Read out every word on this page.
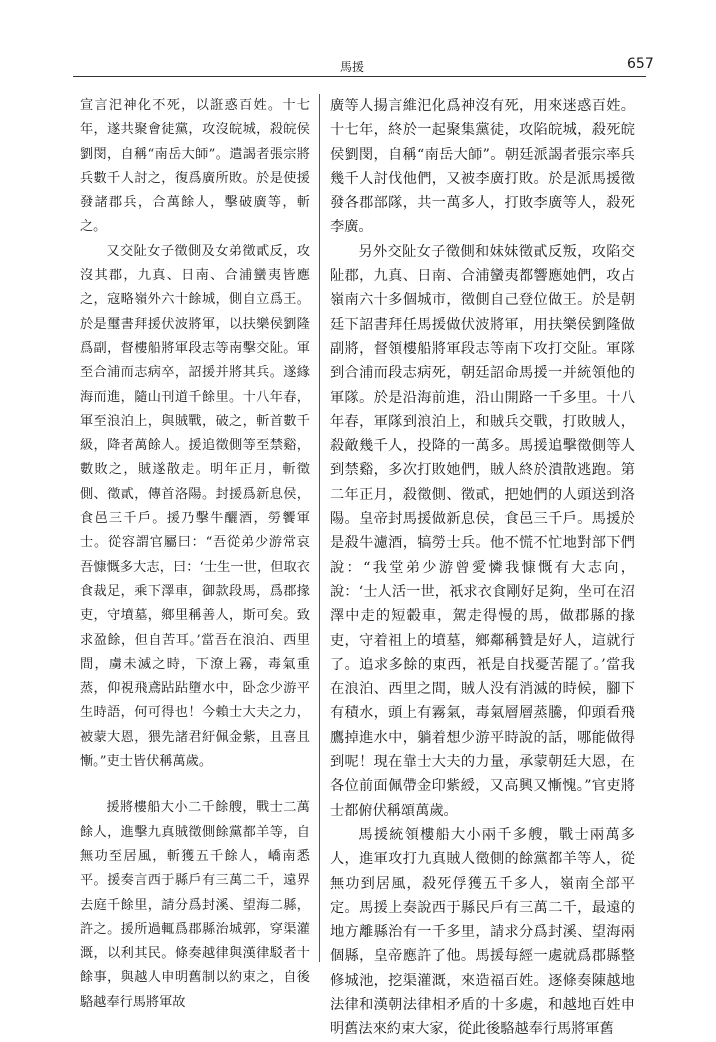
馬援	657

宣言汜神化不死，以誑惑百姓。十七年，遂共聚會徒黨，攻沒皖城，殺皖侯劉閔，自稱“南岳大師”。遣謁者張宗將兵數千人討之，復爲廣所敗。於是使援發諸郡兵，合萬餘人，擊破廣等，斬之。

又交阯女子徵側及女弟徵貳反，攻沒其郡，九真、日南、合浦蠻夷皆應之，寇略嶺外六十餘城，側自立爲王。於是璽書拜援伏波將軍，以扶樂侯劉隆爲副，督樓船將軍段志等南擊交阯。軍至合浦而志病卒，詔援并將其兵。遂緣海而進，隨山刊道千餘里。十八年春，軍至浪泊上，與賊戰，破之，斬首數千級，降者萬餘人。援追徵側等至禁谿，數敗之，賊遂散走。明年正月，斬徵側、徵貳，傳首洛陽。封援爲新息侯，食邑三千戶。援乃擊牛釃酒，勞饗軍士。從容謂官屬曰：“吾從弟少游常哀吾慷慨多大志，曰：‘士生一世，但取衣食裁足，乘下澤車，御款段馬，爲郡掾吏，守墳墓，鄉里稱善人，斯可矣。致求盈餘，但自苦耳。’當吾在浪泊、西里間，虜未滅之時，下潦上霧，毒氣重蒸，仰視飛鳶跕跕墮水中，卧念少游平生時語，何可得也！今賴士大夫之力，被蒙大恩，猥先諸君紆佩金紫，且喜且慚。”吏士皆伏稱萬歲。

援將樓船大小二千餘艘，戰士二萬餘人，進擊九真賊徵側餘黨都羊等，自無功至居風，斬獲五千餘人，嶠南悉平。援奏言西于縣戶有三萬二千，遠界去庭千餘里，請分爲封溪、望海二縣，許之。援所過輒爲郡縣治城郭，穿渠灌溉，以利其民。條奏越律與漢律駁者十餘事，與越人申明舊制以約束之，自後駱越奉行馬將軍故

廣等人揚言維汜化爲神沒有死，用來迷惑百姓。十七年，終於一起聚集黨徒，攻陷皖城，殺死皖侯劉閔，自稱“南岳大師”。朝廷派謁者張宗率兵幾千人討伐他們，又被李廣打敗。於是派馬援徵發各郡部隊，共一萬多人，打敗李廣等人，殺死李廣。

另外交阯女子徵側和妹妹徵貳反叛，攻陷交阯郡，九真、日南、合浦蠻夷都響應她們，攻占嶺南六十多個城市，徵側自己登位做王。於是朝廷下詔書拜任馬援做伏波將軍，用扶樂侯劉隆做副將，督領樓船將軍段志等南下攻打交阯。軍隊到合浦而段志病死，朝廷詔命馬援一并統領他的軍隊。於是沿海前進，沿山開路一千多里。十八年春，軍隊到浪泊上，和賊兵交戰，打敗賊人，殺敵幾千人，投降的一萬多。馬援追擊徵側等人到禁谿，多次打敗她們，賊人終於潰散逃跑。第二年正月，殺徵側、徵貳，把她們的人頭送到洛陽。皇帝封馬援做新息侯，食邑三千戶。馬援於是殺牛濾酒，犒勞士兵。他不慌不忙地對部下們說：“我堂弟少游曾愛憐我慷慨有大志向，說：‘士人活一世，祇求衣食剛好足夠，坐可在沼澤中走的短轂車，駕走得慢的馬，做郡縣的掾吏，守着祖上的墳墓，鄉鄰稱贊是好人，這就行了。追求多餘的東西，衹是自找憂苦罷了。’當我在浪泊、西里之間，賊人没有消滅的時候，腳下有積水，頭上有霧氣，毒氣層層蒸騰，仰頭看飛鷹掉進水中，躺着想少游平時說的話，哪能做得到呢！現在靠士大夫的力量，承蒙朝廷大恩，在各位前面佩帶金印紫綬，又高興又慚愧。”官吏將士都俯伏稱頌萬歲。

馬援統領樓船大小兩千多艘，戰士兩萬多人，進軍攻打九真賊人徵側的餘黨都羊等人，從無功到居風，殺死俘獲五千多人，嶺南全部平定。馬援上奏說西于縣民戶有三萬二千，最遠的地方離縣治有一千多里，請求分爲封溪、望海兩個縣，皇帝應許了他。馬援每經一處就爲郡縣整修城池，挖渠灌溉，來造福百姓。逐條奏陳越地法律和漢朝法律相矛盾的十多處，和越地百姓申明舊法來約束大家，從此後駱越奉行馬將軍舊
